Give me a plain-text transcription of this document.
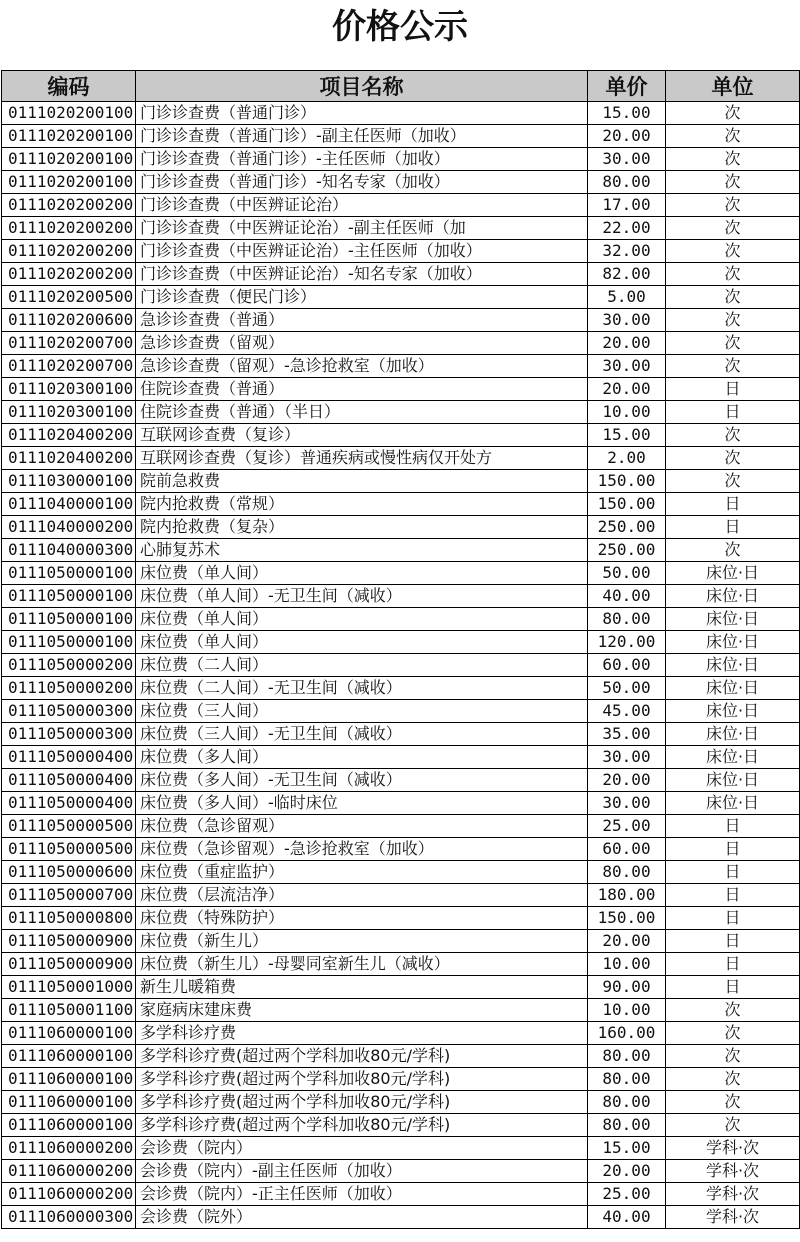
价格公示
编码	项目名称	单价	单位
0111020200100	门诊诊查费（普通门诊）	15.00	次
0111020200100	门诊诊查费（普通门诊）-副主任医师（加收）	20.00	次
0111020200100	门诊诊查费（普通门诊）-主任医师（加收）	30.00	次
0111020200100	门诊诊查费（普通门诊）-知名专家（加收）	80.00	次
0111020200200	门诊诊查费（中医辨证论治）	17.00	次
0111020200200	门诊诊查费（中医辨证论治）-副主任医师（加	22.00	次
0111020200200	门诊诊查费（中医辨证论治）-主任医师（加收）	32.00	次
0111020200200	门诊诊查费（中医辨证论治）-知名专家（加收）	82.00	次
0111020200500	门诊诊查费（便民门诊）	5.00	次
0111020200600	急诊诊查费（普通）	30.00	次
0111020200700	急诊诊查费（留观）	20.00	次
0111020200700	急诊诊查费（留观）-急诊抢救室（加收）	30.00	次
0111020300100	住院诊查费（普通）	20.00	日
0111020300100	住院诊查费（普通）（半日）	10.00	日
0111020400200	互联网诊查费（复诊）	15.00	次
0111020400200	互联网诊查费（复诊）普通疾病或慢性病仅开处方	2.00	次
0111030000100	院前急救费	150.00	次
0111040000100	院内抢救费（常规）	150.00	日
0111040000200	院内抢救费（复杂）	250.00	日
0111040000300	心肺复苏术	250.00	次
0111050000100	床位费（单人间）	50.00	床位·日
0111050000100	床位费（单人间）-无卫生间（减收）	40.00	床位·日
0111050000100	床位费（单人间）	80.00	床位·日
0111050000100	床位费（单人间）	120.00	床位·日
0111050000200	床位费（二人间）	60.00	床位·日
0111050000200	床位费（二人间）-无卫生间（减收）	50.00	床位·日
0111050000300	床位费（三人间）	45.00	床位·日
0111050000300	床位费（三人间）-无卫生间（减收）	35.00	床位·日
0111050000400	床位费（多人间）	30.00	床位·日
0111050000400	床位费（多人间）-无卫生间（减收）	20.00	床位·日
0111050000400	床位费（多人间）-临时床位	30.00	床位·日
0111050000500	床位费（急诊留观）	25.00	日
0111050000500	床位费（急诊留观）-急诊抢救室（加收）	60.00	日
0111050000600	床位费（重症监护）	80.00	日
0111050000700	床位费（层流洁净）	180.00	日
0111050000800	床位费（特殊防护）	150.00	日
0111050000900	床位费（新生儿）	20.00	日
0111050000900	床位费（新生儿）-母婴同室新生儿（减收）	10.00	日
0111050001000	新生儿暖箱费	90.00	日
0111050001100	家庭病床建床费	10.00	次
0111060000100	多学科诊疗费	160.00	次
0111060000100	多学科诊疗费(超过两个学科加收80元/学科)	80.00	次
0111060000100	多学科诊疗费(超过两个学科加收80元/学科)	80.00	次
0111060000100	多学科诊疗费(超过两个学科加收80元/学科)	80.00	次
0111060000100	多学科诊疗费(超过两个学科加收80元/学科)	80.00	次
0111060000200	会诊费（院内）	15.00	学科·次
0111060000200	会诊费（院内）-副主任医师（加收）	20.00	学科·次
0111060000200	会诊费（院内）-正主任医师（加收）	25.00	学科·次
0111060000300	会诊费（院外）	40.00	学科·次
